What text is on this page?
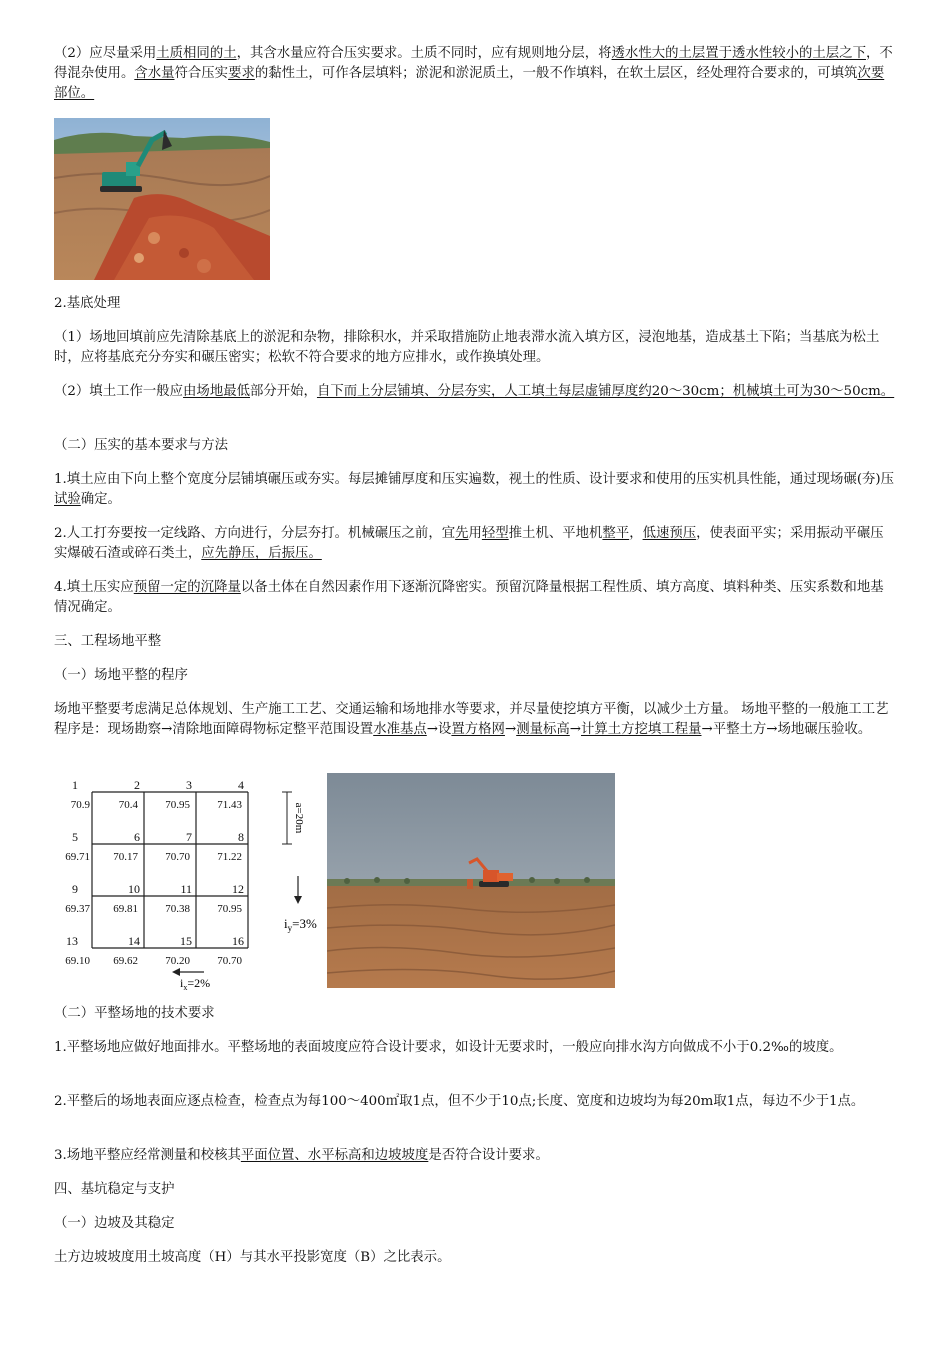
（2）应尽量采用土质相同的土，其含水量应符合压实要求。土质不同时，应有规则地分层，将透水性大的土层置于透水性较小的土层之下，不得混杂使用。含水量符合压实要求的黏性土，可作各层填料；淤泥和淤泥质土，一般不作填料，在软土层区，经处理符合要求的，可填筑次要部位。

2.基底处理

（1）场地回填前应先清除基底上的淤泥和杂物，排除积水，并采取措施防止地表滞水流入填方区，浸泡地基，造成基土下陷；当基底为松土时，应将基底充分夯实和碾压密实；松软不符合要求的地方应排水，或作换填处理。

（2）填土工作一般应由场地最低部分开始，自下而上分层铺填、分层夯实，人工填土每层虚铺厚度约20～30cm；机械填土可为30～50cm。

（二）压实的基本要求与方法

1.填土应由下向上整个宽度分层铺填碾压或夯实。每层摊铺厚度和压实遍数，视土的性质、设计要求和使用的压实机具性能，通过现场碾(夯)压试验确定。

2.人工打夯要按一定线路、方向进行，分层夯打。机械碾压之前，宜先用轻型推土机、平地机整平，低速预压，使表面平实；采用振动平碾压实爆破石渣或碎石类土，应先静压，后振压。

4.填土压实应预留一定的沉降量以备土体在自然因素作用下逐渐沉降密实。预留沉降量根据工程性质、填方高度、填料种类、压实系数和地基情况确定。

三、工程场地平整

（一）场地平整的程序

场地平整要考虑满足总体规划、生产施工工艺、交通运输和场地排水等要求，并尽量使挖填方平衡，以减少土方量。 场地平整的一般施工工艺程序是：现场勘察→清除地面障碍物标定整平范围设置水准基点→设置方格网→测量标高→计算土方挖填工程量→平整土方→场地碾压验收。

1
70.9
2
70.4
3
70.95
4
71.43
5
69.71
6
70.17
7
70.70
8
71.22
9
69.37
10
69.81
11
70.38
12
70.95
13
69.10
14
69.62
15
70.20
16
70.70
a=20m
$i_y=3\%$
$i_x=2\%$

（二）平整场地的技术要求

1.平整场地应做好地面排水。平整场地的表面坡度应符合设计要求，如设计无要求时，一般应向排水沟方向做成不小于0.2‰的坡度。

2.平整后的场地表面应逐点检查，检查点为每100～400㎡取1点，但不少于10点;长度、宽度和边坡均为每20m取1点，每边不少于1点。

3.场地平整应经常测量和校核其平面位置、水平标高和边坡坡度是否符合设计要求。

四、基坑稳定与支护

（一）边坡及其稳定

土方边坡坡度用土坡高度（H）与其水平投影宽度（B）之比表示。
